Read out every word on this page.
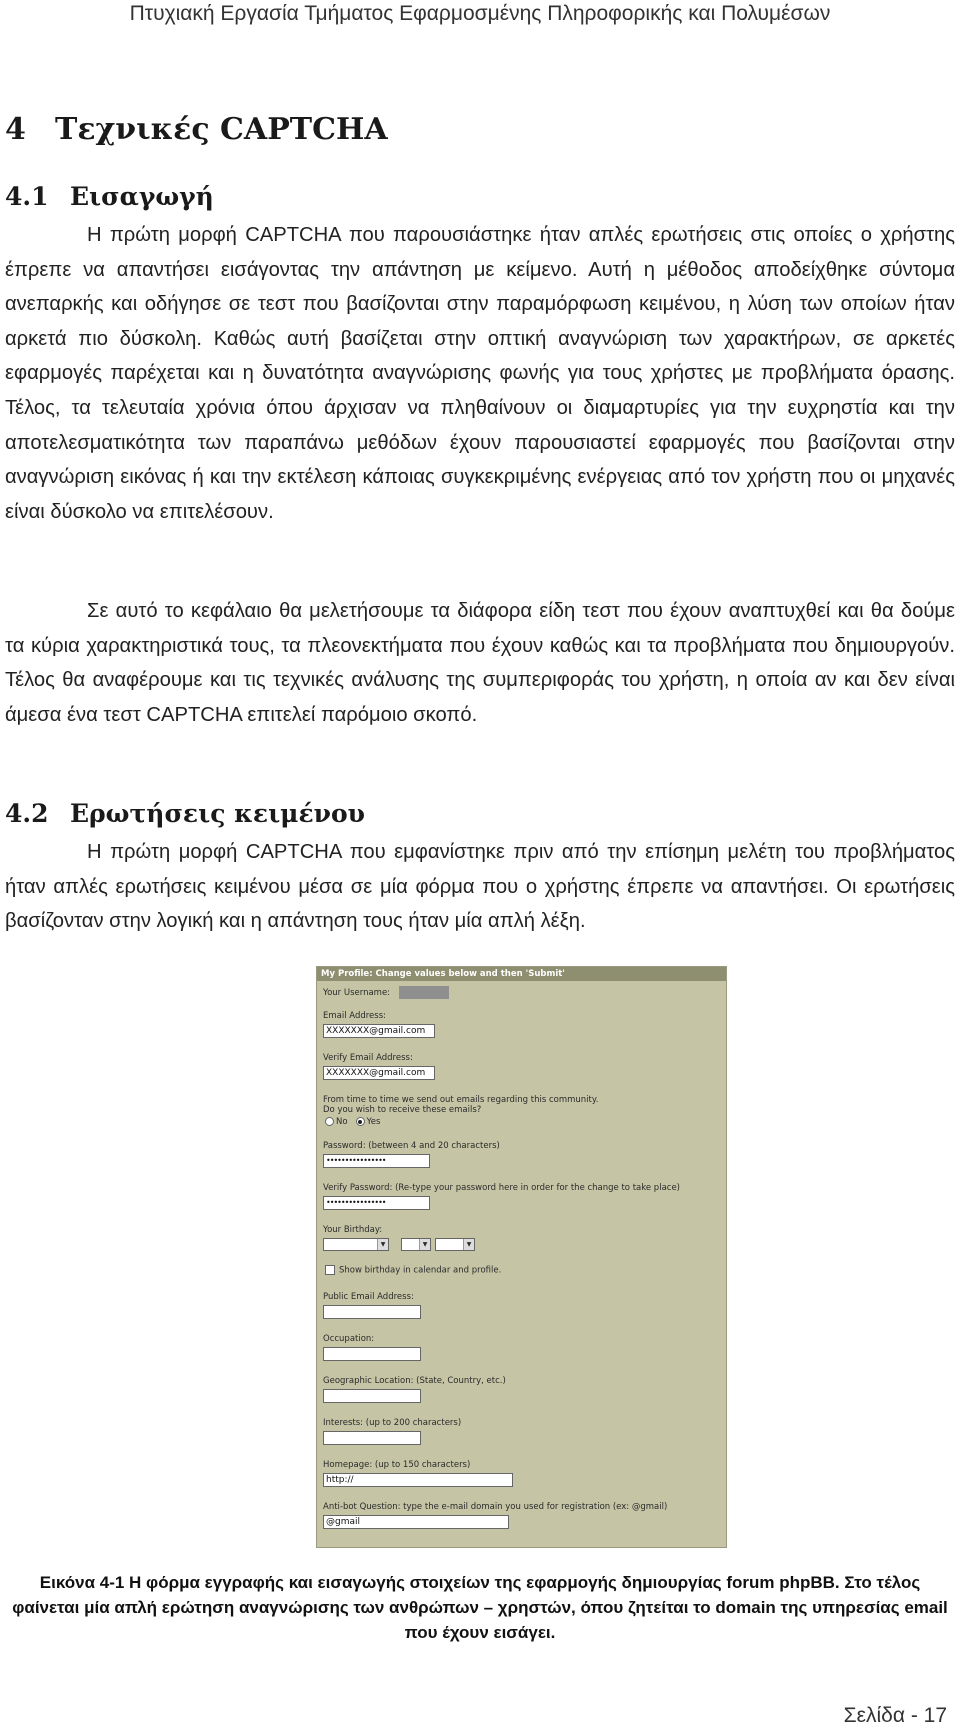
Πτυχιακή Εργασία Τμήματος Εφαρμοσμένης Πληροφορικής και Πολυμέσων
4 Τεχνικές CAPTCHA
4.1 Εισαγωγή

Η πρώτη μορφή CAPTCHA που παρουσιάστηκε ήταν απλές ερωτήσεις στις οποίες ο χρήστης έπρεπε να απαντήσει εισάγοντας την απάντηση με κείμενο. Αυτή η μέθοδος αποδείχθηκε σύντομα ανεπαρκής και οδήγησε σε τεστ που βασίζονται στην παραμόρφωση κειμένου, η λύση των οποίων ήταν αρκετά πιο δύσκολη. Καθώς αυτή βασίζεται στην οπτική αναγνώριση των χαρακτήρων, σε αρκετές εφαρμογές παρέχεται και η δυνατότητα αναγνώρισης φωνής για τους χρήστες με προβλήματα όρασης. Τέλος, τα τελευταία χρόνια όπου άρχισαν να πληθαίνουν οι διαμαρτυρίες για την ευχρηστία και την αποτελεσματικότητα των παραπάνω μεθόδων έχουν παρουσιαστεί εφαρμογές που βασίζονται στην αναγνώριση εικόνας ή και την εκτέλεση κάποιας συγκεκριμένης ενέργειας από τον χρήστη που οι μηχανές είναι δύσκολο να επιτελέσουν.

Σε αυτό το κεφάλαιο θα μελετήσουμε τα διάφορα είδη τεστ που έχουν αναπτυχθεί και θα δούμε τα κύρια χαρακτηριστικά τους, τα πλεονεκτήματα που έχουν καθώς και τα προβλήματα που δημιουργούν. Τέλος θα αναφέρουμε και τις τεχνικές ανάλυσης της συμπεριφοράς του χρήστη, η οποία αν και δεν είναι άμεσα ένα τεστ CAPTCHA επιτελεί παρόμοιο σκοπό.

4.2 Ερωτήσεις κειμένου

Η πρώτη μορφή CAPTCHA που εμφανίστηκε πριν από την επίσημη μελέτη του προβλήματος ήταν απλές ερωτήσεις κειμένου μέσα σε μία φόρμα που ο χρήστης έπρεπε να απαντήσει. Οι ερωτήσεις βασίζονταν στην λογική και η απάντηση τους ήταν μία απλή λέξη.

My Profile: Change values below and then 'Submit'
Your Username:
Email Address:
XXXXXXX@gmail.com
Verify Email Address:
XXXXXXX@gmail.com
From time to time we send out emails regarding this community.
Do you wish to receive these emails?
No Yes
Password: (between 4 and 20 characters)
••••••••••••••••
Verify Password: (Re-type your password here in order for the change to take place)
••••••••••••••••
Your Birthday:
▼	▼	▼
Show birthday in calendar and profile.
Public Email Address:
Occupation:
Geographic Location: (State, Country, etc.)
Interests: (up to 200 characters)
Homepage: (up to 150 characters)
http://
Anti-bot Question: type the e-mail domain you used for registration (ex: @gmail)
@gmail
Εικόνα 4-1 Η φόρμα εγγραφής και εισαγωγής στοιχείων της εφαρμογής δημιουργίας forum phpBB. Στο τέλος φαίνεται μία απλή ερώτηση αναγνώρισης των ανθρώπων – χρηστών, όπου ζητείται το domain της υπηρεσίας email που έχουν εισάγει.
Σελίδα - 17
